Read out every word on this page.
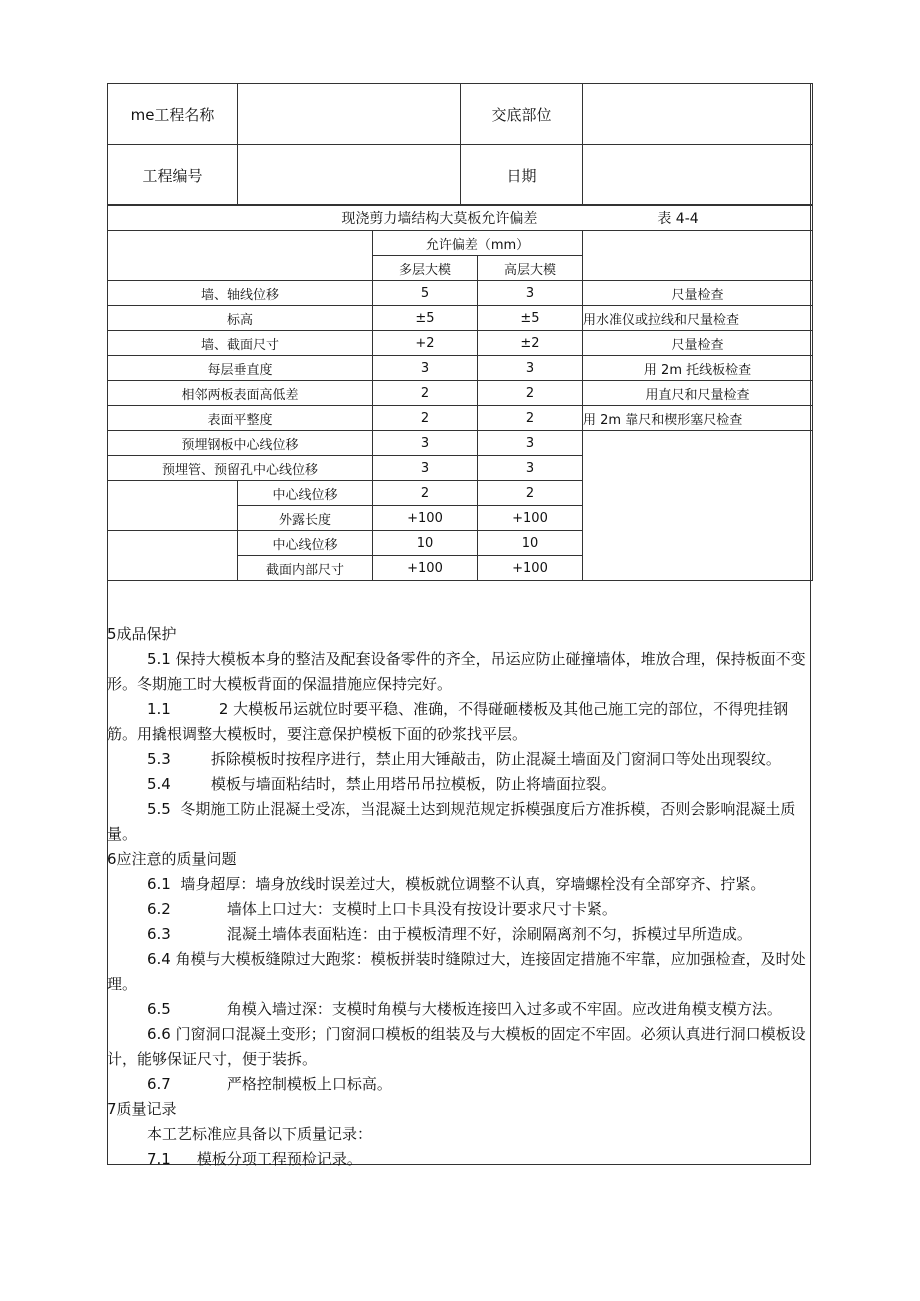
me工程名称		交底部位	
工程编号		日期	
现浇剪力墙结构大莫板允许偏差 表 4-4				
		允许偏差（mm）		
		多层大模	高层大模	
墙、轴线位移		5	3	尺量检查
标高		±5	±5	用水准仪或拉线和尺量检查
墙、截面尺寸		+2	±2	尺量检查
每层垂直度		3	3	用 2m 托线板检查
相邻两板表面高低差		2	2	用直尺和尺量检查
表面平整度		2	2	用 2m 靠尺和楔形塞尺检查
预埋钢板中心线位移		3	3	
预埋管、预留孔中心线位移		3	3	
	中心线位移	2	2	
	外露长度	+100	+100	
	中心线位移	10	10	
	截面内部尺寸	+100	+100	

5成品保护

5.1 保持大模板本身的整洁及配套设备零件的齐全，吊运应防止碰撞墙体，堆放合理，保持板面不变形。冬期施工时大模板背面的保温措施应保持完好。

1.1	2 大模板吊运就位时要平稳、准确，不得碰砸楼板及其他己施工完的部位，不得兜挂钢筋。用撬根调整大模板时，要注意保护模板下面的砂浆找平层。

5.3	拆除模板时按程序进行，禁止用大锤敲击，防止混凝土墙面及门窗洞口等处出现裂纹。

5.4	模板与墙面粘结时，禁止用塔吊吊拉模板，防止将墙面拉裂。

5.5 冬期施工防止混凝土受冻，当混凝土达到规范规定拆模强度后方准拆模，否则会影响混凝土质量。

6应注意的质量问题

6.1 墙身超厚：墙身放线时误差过大，模板就位调整不认真，穿墙螺栓没有全部穿齐、拧紧。

6.2	墙体上口过大：支模时上口卡具没有按设计要求尺寸卡紧。

6.3	混凝土墙体表面粘连：由于模板清理不好，涂刷隔离剂不匀，拆模过早所造成。

6.4 角模与大模板缝隙过大跑浆：模板拼装时缝隙过大，连接固定措施不牢靠，应加强检查，及时处理。

6.5	角模入墙过深：支模时角模与大楼板连接凹入过多或不牢固。应改进角模支模方法。

6.6 门窗洞口混凝土变形；门窗洞口模板的组装及与大模板的固定不牢固。必须认真进行洞口模板设计，能够保证尺寸，便于装拆。

6.7	严格控制模板上口标高。

7质量记录

本工艺标准应具备以下质量记录：

7.1 模板分项工程预检记录。
